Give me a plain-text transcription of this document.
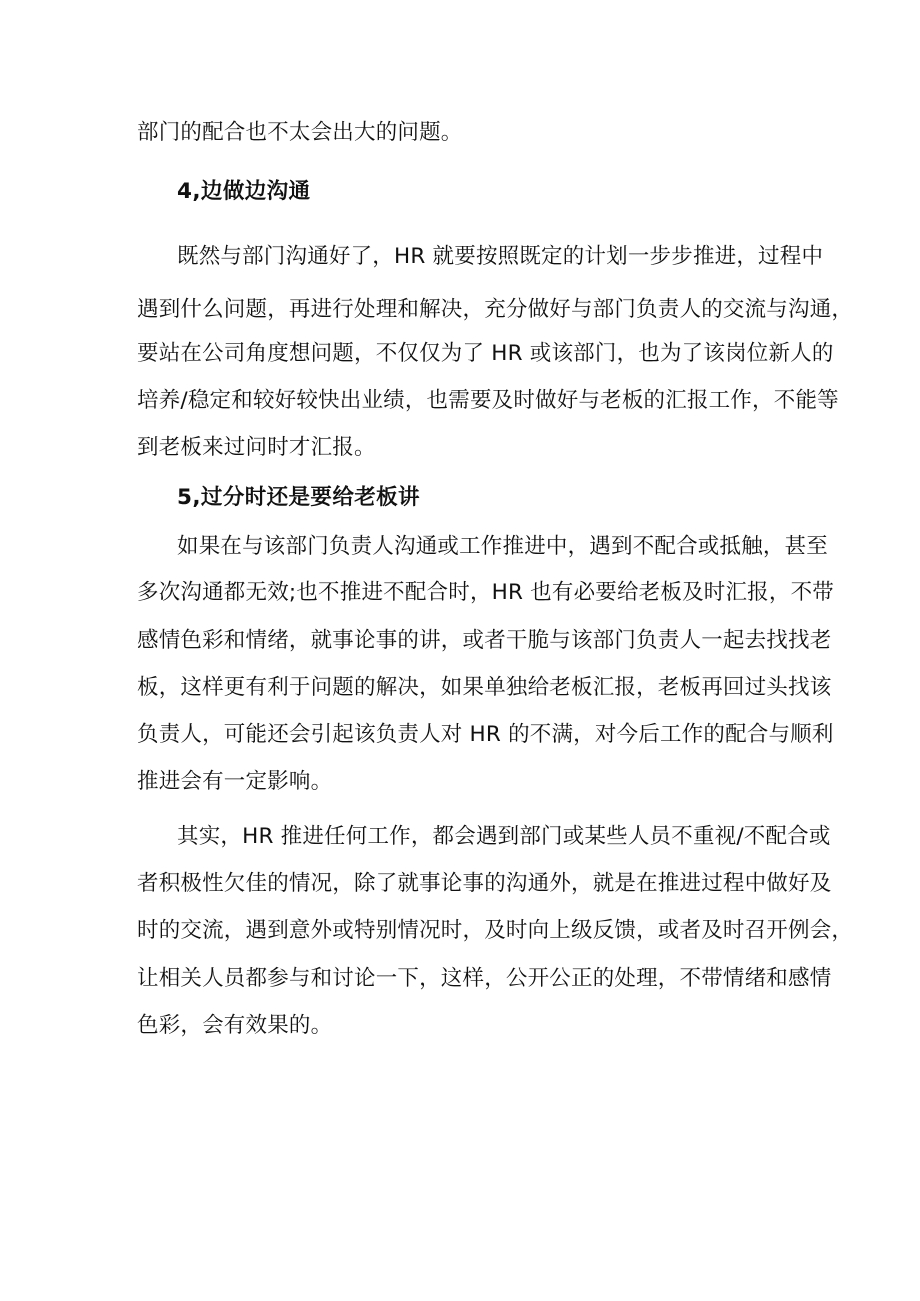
部门的配合也不太会出大的问题。
4,边做边沟通
既然与部门沟通好了，HR 就要按照既定的计划一步步推进，过程中
遇到什么问题，再进行处理和解决，充分做好与部门负责人的交流与沟通，
要站在公司角度想问题，不仅仅为了 HR 或该部门，也为了该岗位新人的
培养/稳定和较好较快出业绩，也需要及时做好与老板的汇报工作，不能等
到老板来过问时才汇报。
5,过分时还是要给老板讲
如果在与该部门负责人沟通或工作推进中，遇到不配合或抵触，甚至
多次沟通都无效;也不推进不配合时，HR 也有必要给老板及时汇报，不带
感情色彩和情绪，就事论事的讲，或者干脆与该部门负责人一起去找找老
板，这样更有利于问题的解决，如果单独给老板汇报，老板再回过头找该
负责人，可能还会引起该负责人对 HR 的不满，对今后工作的配合与顺利
推进会有一定影响。
其实，HR 推进任何工作，都会遇到部门或某些人员不重视/不配合或
者积极性欠佳的情况，除了就事论事的沟通外，就是在推进过程中做好及
时的交流，遇到意外或特别情况时，及时向上级反馈，或者及时召开例会，
让相关人员都参与和讨论一下，这样，公开公正的处理，不带情绪和感情
色彩，会有效果的。
